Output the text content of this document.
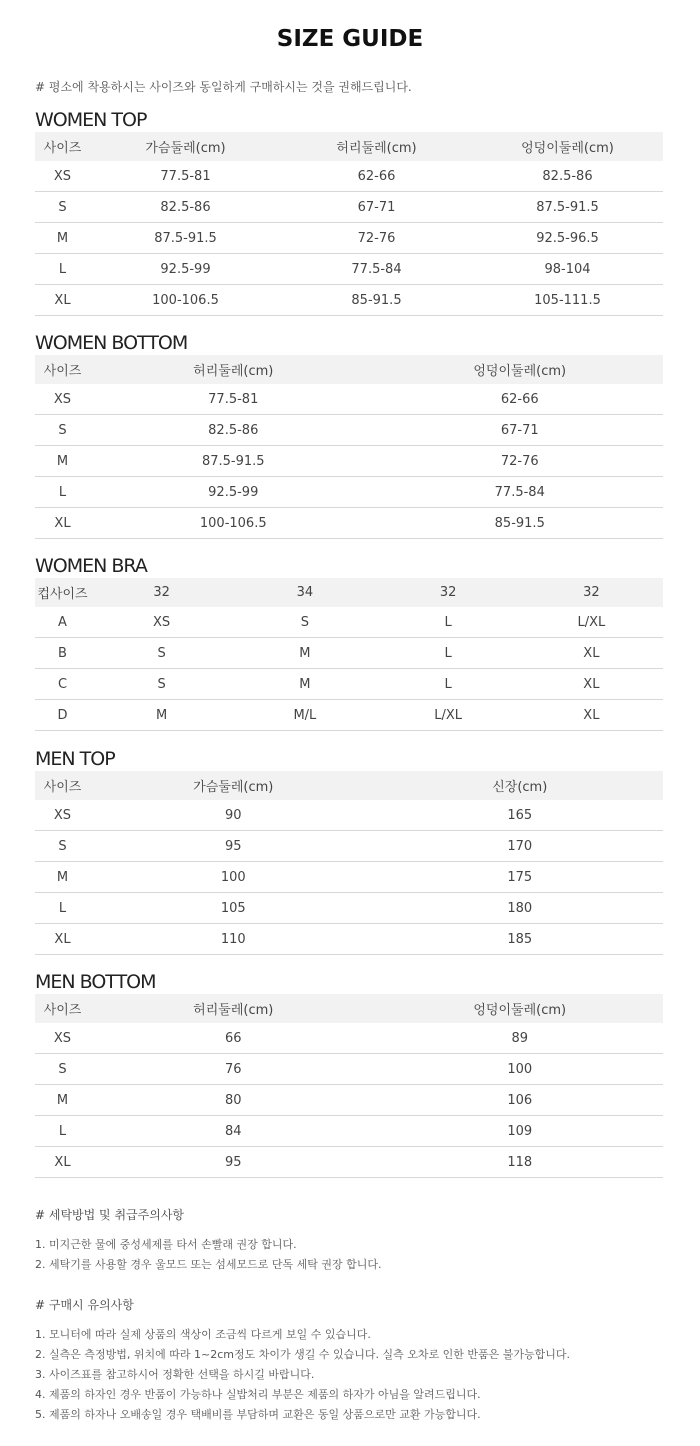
SIZE GUIDE
# 평소에 착용하시는 사이즈와 동일하게 구매하시는 것을 권해드립니다.
WOMEN TOP
사이즈	가슴둘레(cm)	허리둘레(cm)	엉덩이둘레(cm)
XS	77.5-81	62-66	82.5-86
S	82.5-86	67-71	87.5-91.5
M	87.5-91.5	72-76	92.5-96.5
L	92.5-99	77.5-84	98-104
XL	100-106.5	85-91.5	105-111.5
WOMEN BOTTOM
사이즈	허리둘레(cm)	엉덩이둘레(cm)
XS	77.5-81	62-66
S	82.5-86	67-71
M	87.5-91.5	72-76
L	92.5-99	77.5-84
XL	100-106.5	85-91.5
WOMEN BRA
컵사이즈	32	34	32	32
A	XS	S	L	L/XL
B	S	M	L	XL
C	S	M	L	XL
D	M	M/L	L/XL	XL
MEN TOP
사이즈	가슴둘레(cm)	신장(cm)
XS	90	165
S	95	170
M	100	175
L	105	180
XL	110	185
MEN BOTTOM
사이즈	허리둘레(cm)	엉덩이둘레(cm)
XS	66	89
S	76	100
M	80	106
L	84	109
XL	95	118
# 세탁방법 및 취급주의사항
1. 미지근한 물에 중성세제를 타서 손빨래 권장 합니다.
2. 세탁기를 사용할 경우 울모드 또는 섬세모드로 단독 세탁 권장 합니다.
# 구매시 유의사항
1. 모니터에 따라 실제 상품의 색상이 조금씩 다르게 보일 수 있습니다.
2. 실측은 측정방법, 위치에 따라 1~2cm정도 차이가 생길 수 있습니다. 실측 오차로 인한 반품은 불가능합니다.
3. 사이즈표를 참고하시어 정확한 선택을 하시길 바랍니다.
4. 제품의 하자인 경우 반품이 가능하나 실밥처리 부분은 제품의 하자가 아님을 알려드립니다.
5. 제품의 하자나 오배송일 경우 택배비를 부담하며 교환은 동일 상품으로만 교환 가능합니다.
